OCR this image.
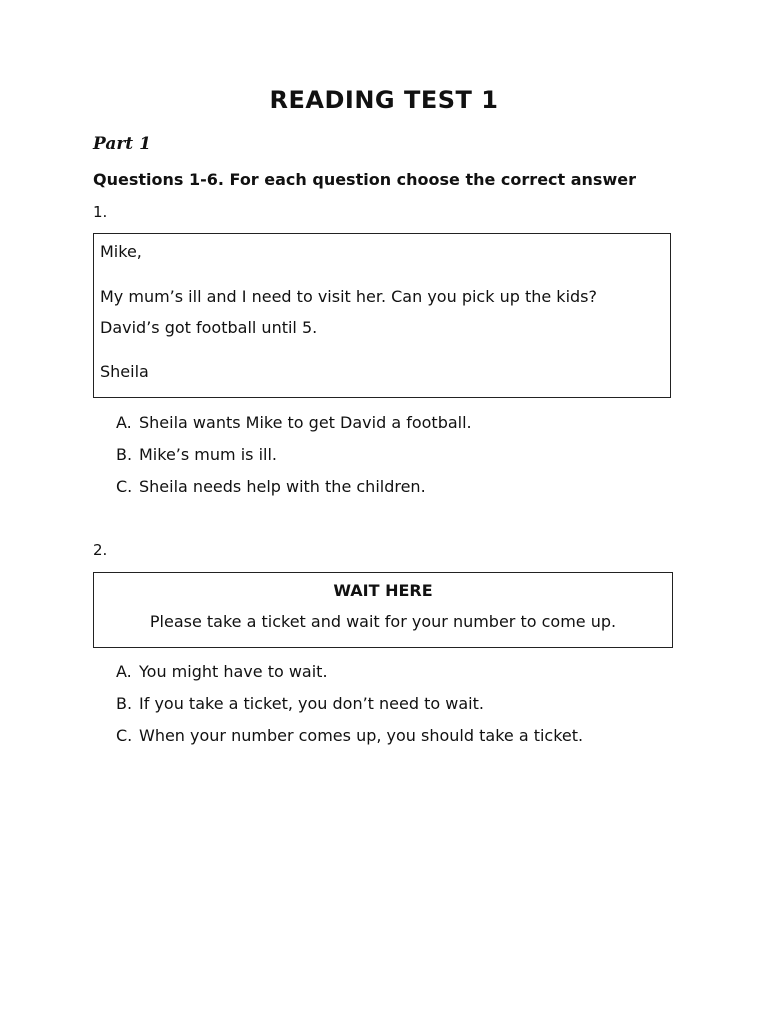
READING TEST 1
Part 1
Questions 1-6. For each question choose the correct answer
1.
Mike,
My mum’s ill and I need to visit her. Can you pick up the kids?
David’s got football until 5.
Sheila
A. Sheila wants Mike to get David a football.
B. Mike’s mum is ill.
C. Sheila needs help with the children.
2.
WAIT HERE
Please take a ticket and wait for your number to come up.
A. You might have to wait.
B. If you take a ticket, you don’t need to wait.
C. When your number comes up, you should take a ticket.
